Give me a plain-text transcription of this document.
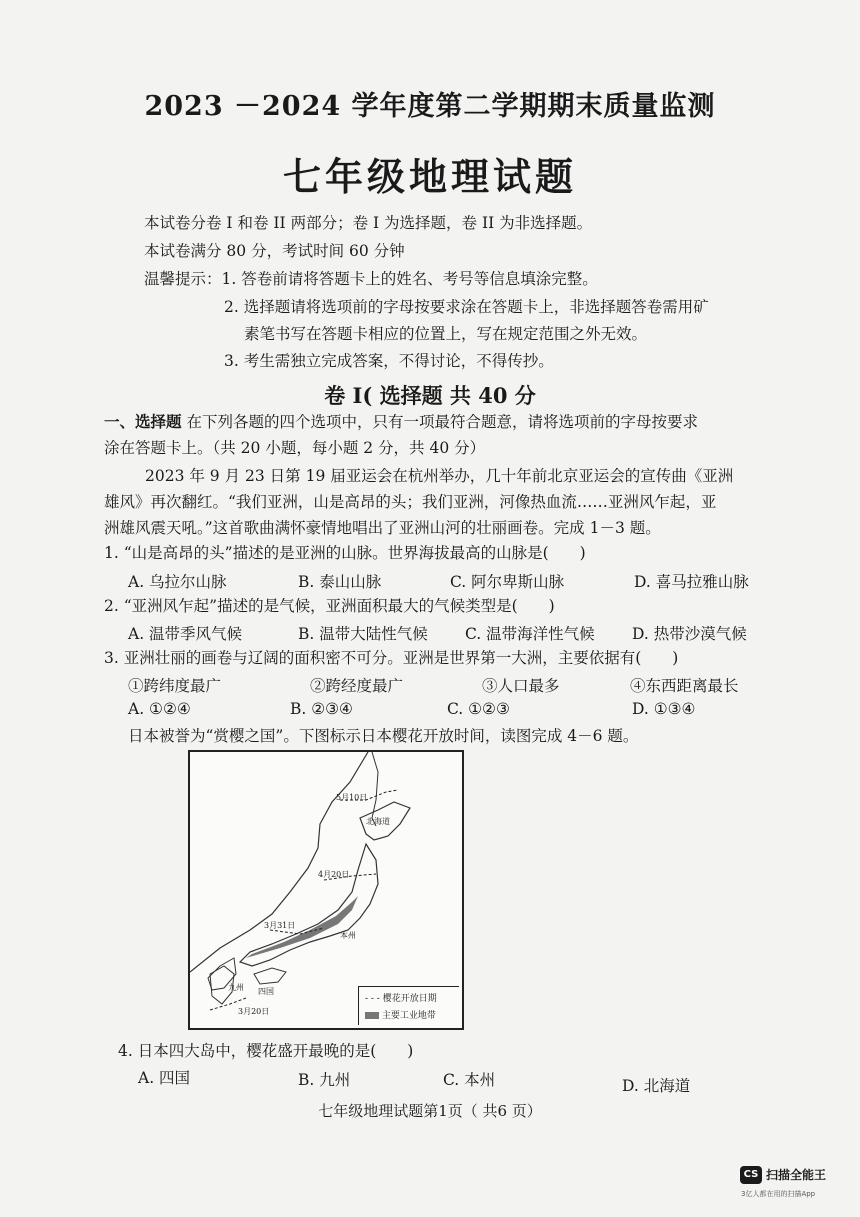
2023 －2024 学年度第二学期期末质量监测
七年级地理试题
本试卷分卷 I 和卷 II 两部分；卷 I 为选择题，卷 II 为非选择题。
本试卷满分 80 分，考试时间 60 分钟
温馨提示：1. 答卷前请将答题卡上的姓名、考号等信息填涂完整。
2. 选择题请将选项前的字母按要求涂在答题卡上，非选择题答卷需用矿
素笔书写在答题卡相应的位置上，写在规定范围之外无效。
3. 考生需独立完成答案，不得讨论，不得传抄。
卷 I( 选择题 共 40 分
一、选择题 在下列各题的四个选项中，只有一项最符合题意，请将选项前的字母按要求
涂在答题卡上。（共 20 小题，每小题 2 分，共 40 分）
2023 年 9 月 23 日第 19 届亚运会在杭州举办，几十年前北京亚运会的宣传曲《亚洲
雄风》再次翻红。“我们亚洲，山是高昂的头；我们亚洲，河像热血流……亚洲风乍起，亚
洲雄风震天吼。”这首歌曲满怀豪情地唱出了亚洲山河的壮丽画卷。完成 1－3 题。
1. “山是高昂的头”描述的是亚洲的山脉。世界海拔最高的山脉是(　　)
A. 乌拉尔山脉	B. 泰山山脉	C. 阿尔卑斯山脉	D. 喜马拉雅山脉
2. “亚洲风乍起”描述的是气候，亚洲面积最大的气候类型是(　　)
A. 温带季风气候	B. 温带大陆性气候 C. 温带海洋性气候 D. 热带沙漠气候
3. 亚洲壮丽的画卷与辽阔的面积密不可分。亚洲是世界第一大洲，主要依据有(　　)
①跨纬度最广	②跨经度最广	③人口最多	④东西距离最长
A. ①②④	B. ②③④	C. ①②③	D. ①③④
日本被誉为“赏樱之国”。下图标示日本樱花开放时间，读图完成 4－6 题。
5月10日
北海道
4月20日
3月31日
本州
九州 四国
3月20日
‐ ‐ ‐ 樱花开放日期
主要工业地带
4. 日本四大岛中，樱花盛开最晚的是(　　)
A. 四国	B. 九州	C. 本州	D. 北海道
七年级地理试题第1页（ 共6 页）
CS 扫描全能王
3亿人都在用的扫描App
